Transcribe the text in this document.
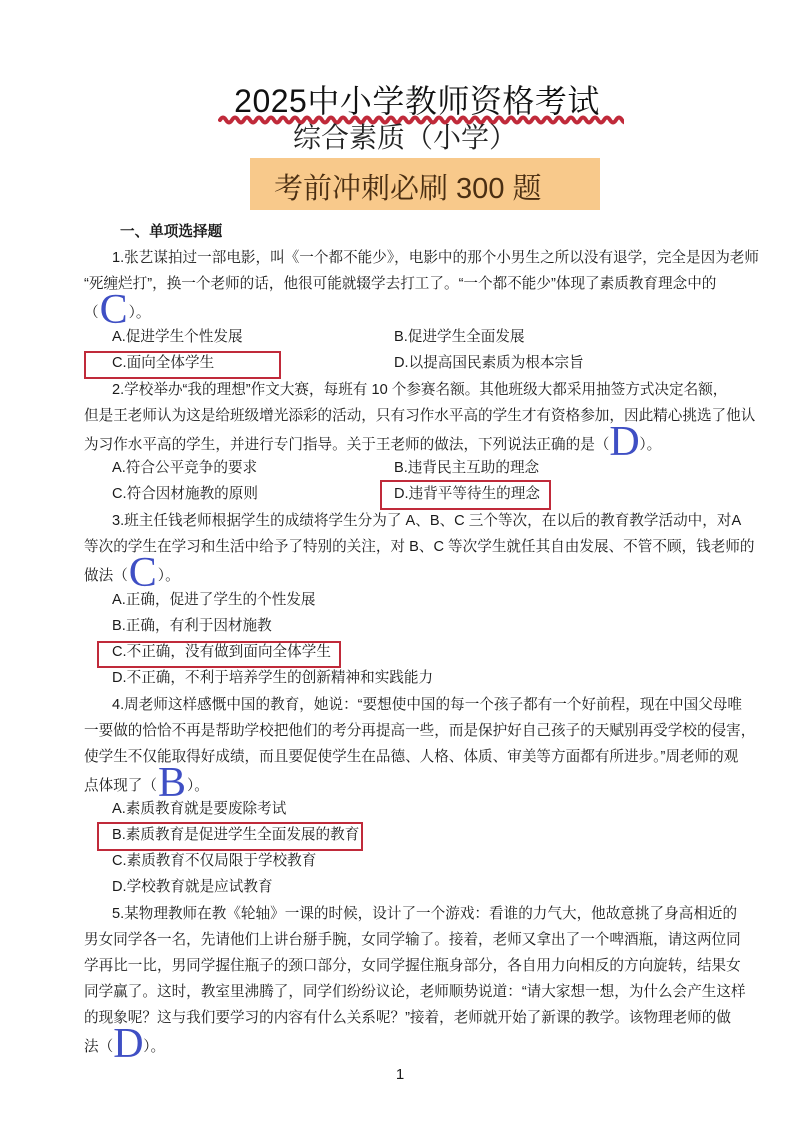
2025中小学教师资格考试
综合素质（小学）
考前冲刺必刷 300 题
一、单项选择题
1.张艺谋拍过一部电影，叫《一个都不能少》，电影中的那个小男生之所以没有退学，完全是因为老师
“死缠烂打”，换一个老师的话，他很可能就辍学去打工了。“一个都不能少”体现了素质教育理念中的
（C）。
A.促进学生个性发展	B.促进学生全面发展
C.面向全体学生	D.以提高国民素质为根本宗旨
2.学校举办“我的理想”作文大赛，每班有 10 个参赛名额。其他班级大都采用抽签方式决定名额，
但是王老师认为这是给班级增光添彩的活动，只有习作水平高的学生才有资格参加，因此精心挑选了他认
为习作水平高的学生，并进行专门指导。关于王老师的做法，下列说法正确的是（D）。
A.符合公平竞争的要求	B.违背民主互助的理念
C.符合因材施教的原则	D.违背平等待生的理念
3.班主任钱老师根据学生的成绩将学生分为了 A、B、C 三个等次，在以后的教育教学活动中，对A
等次的学生在学习和生活中给予了特别的关注，对 B、C 等次学生就任其自由发展、不管不顾，钱老师的
做法（C）。
A.正确，促进了学生的个性发展
B.正确，有利于因材施教
C.不正确，没有做到面向全体学生
D.不正确，不利于培养学生的创新精神和实践能力
4.周老师这样感慨中国的教育，她说：“要想使中国的每一个孩子都有一个好前程，现在中国父母唯
一要做的恰恰不再是帮助学校把他们的考分再提高一些，而是保护好自己孩子的天赋别再受学校的侵害，
使学生不仅能取得好成绩，而且要促使学生在品德、人格、体质、审美等方面都有所进步。”周老师的观
点体现了（B）。
A.素质教育就是要废除考试
B.素质教育是促进学生全面发展的教育
C.素质教育不仅局限于学校教育
D.学校教育就是应试教育
5.某物理教师在教《轮轴》一课的时候，设计了一个游戏：看谁的力气大，他故意挑了身高相近的
男女同学各一名，先请他们上讲台掰手腕，女同学输了。接着，老师又拿出了一个啤酒瓶，请这两位同
学再比一比，男同学握住瓶子的颈口部分，女同学握住瓶身部分，各自用力向相反的方向旋转，结果女
同学赢了。这时，教室里沸腾了，同学们纷纷议论，老师顺势说道：“请大家想一想，为什么会产生这样
的现象呢？这与我们要学习的内容有什么关系呢？”接着，老师就开始了新课的教学。该物理老师的做
法（D）。
1
